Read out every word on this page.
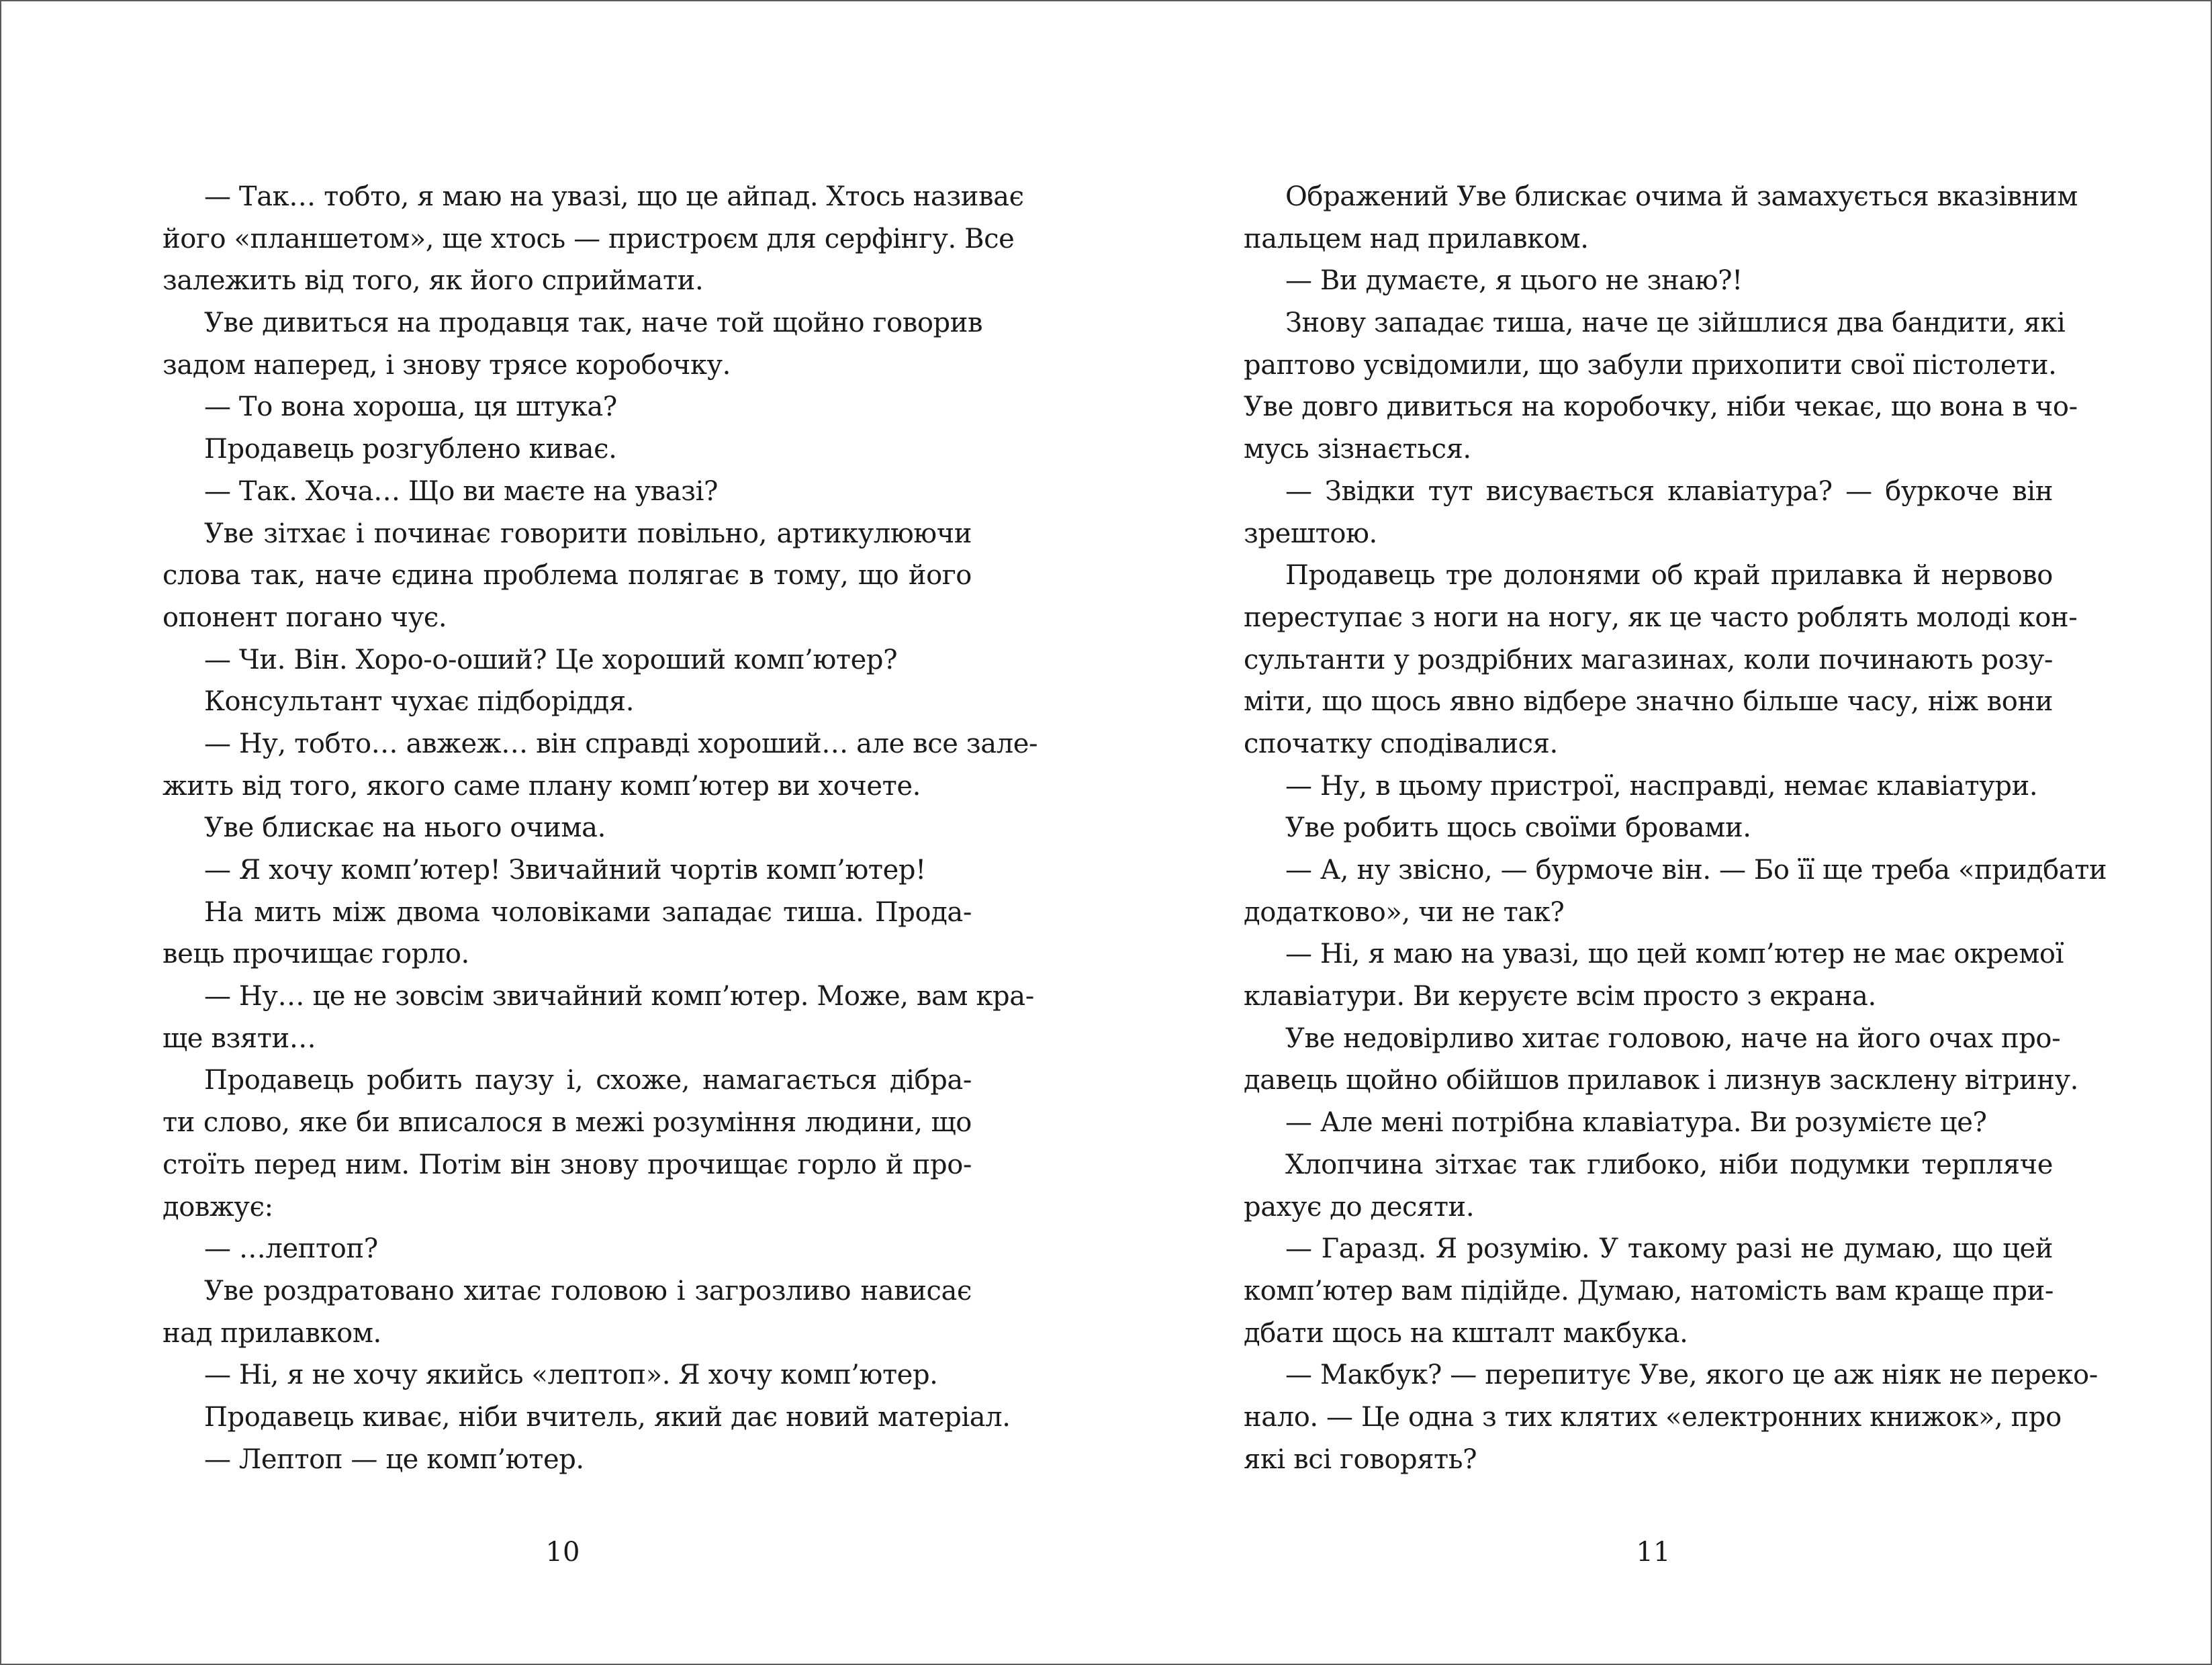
— Так… тобто, я маю на увазі, що це айпад. Хтось називає
його «планшетом», ще хтось — пристроєм для серфінгу. Все
залежить від того, як його сприймати.
Уве дивиться на продавця так, наче той щойно говорив
задом наперед, і знову трясе коробочку.
— То вона хороша, ця штука?
Продавець розгублено киває.
— Так. Хоча… Що ви маєте на увазі?
Уве зітхає і починає говорити повільно, артикулюючи
слова так, наче єдина проблема полягає в тому, що його
опонент погано чує.
— Чи. Він. Хоро-о-оший? Це хороший комп’ютер?
Консультант чухає підборіддя.
— Ну, тобто… авжеж… він справді хороший… але все зале-
жить від того, якого саме плану комп’ютер ви хочете.
Уве блискає на нього очима.
— Я хочу комп’ютер! Звичайний чортів комп’ютер!
На мить між двома чоловіками западає тиша. Прода-
вець прочищає горло.
— Ну… це не зовсім звичайний комп’ютер. Може, вам кра-
ще взяти…
Продавець робить паузу і, схоже, намагається дібра-
ти слово, яке би вписалося в межі розуміння людини, що
стоїть перед ним. Потім він знову прочищає горло й про-
довжує:
— …лептоп?
Уве роздратовано хитає головою і загрозливо нависає
над прилавком.
— Ні, я не хочу якийсь «лептоп». Я хочу комп’ютер.
Продавець киває, ніби вчитель, який дає новий матеріал.
— Лептоп — це комп’ютер.
10
Ображений Уве блискає очима й замахується вказівним
пальцем над прилавком.
— Ви думаєте, я цього не знаю?!
Знову западає тиша, наче це зійшлися два бандити, які
раптово усвідомили, що забули прихопити свої пістолети.
Уве довго дивиться на коробочку, ніби чекає, що вона в чо-
мусь зізнається.
— Звідки тут висувається клавіатура? — буркоче він
зрештою.
Продавець тре долонями об край прилавка й нервово
переступає з ноги на ногу, як це часто роблять молоді кон-
сультанти у роздрібних магазинах, коли починають розу-
міти, що щось явно відбере значно більше часу, ніж вони
спочатку сподівалися.
— Ну, в цьому пристрої, насправді, немає клавіатури.
Уве робить щось своїми бровами.
— А, ну звісно, — бурмоче він. — Бо її ще треба «придбати
додатково», чи не так?
— Ні, я маю на увазі, що цей комп’ютер не має окремої
клавіатури. Ви керуєте всім просто з екрана.
Уве недовірливо хитає головою, наче на його очах про-
давець щойно обійшов прилавок і лизнув засклену вітрину.
— Але мені потрібна клавіатура. Ви розумієте це?
Хлопчина зітхає так глибоко, ніби подумки терпляче
рахує до десяти.
— Гаразд. Я розумію. У такому разі не думаю, що цей
комп’ютер вам підійде. Думаю, натомість вам краще при-
дбати щось на кшталт макбука.
— Макбук? — перепитує Уве, якого це аж ніяк не переко-
нало. — Це одна з тих клятих «електронних книжок», про
які всі говорять?
11
